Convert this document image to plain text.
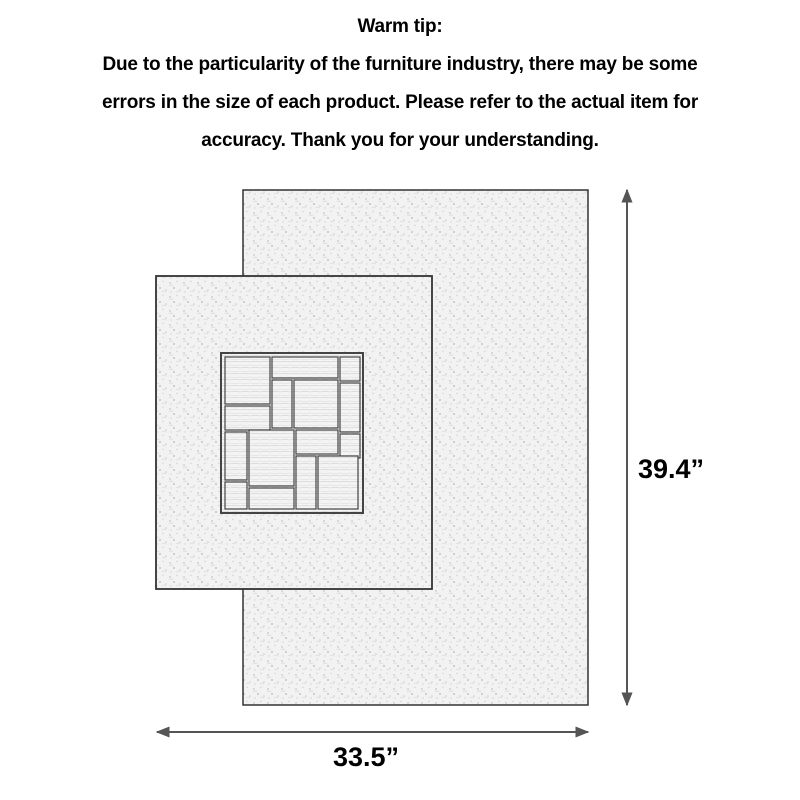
Warm tip:
Due to the particularity of the furniture industry, there may be some
errors in the size of each product. Please refer to the actual item for
accuracy. Thank you for your understanding.
39.4”
33.5”
